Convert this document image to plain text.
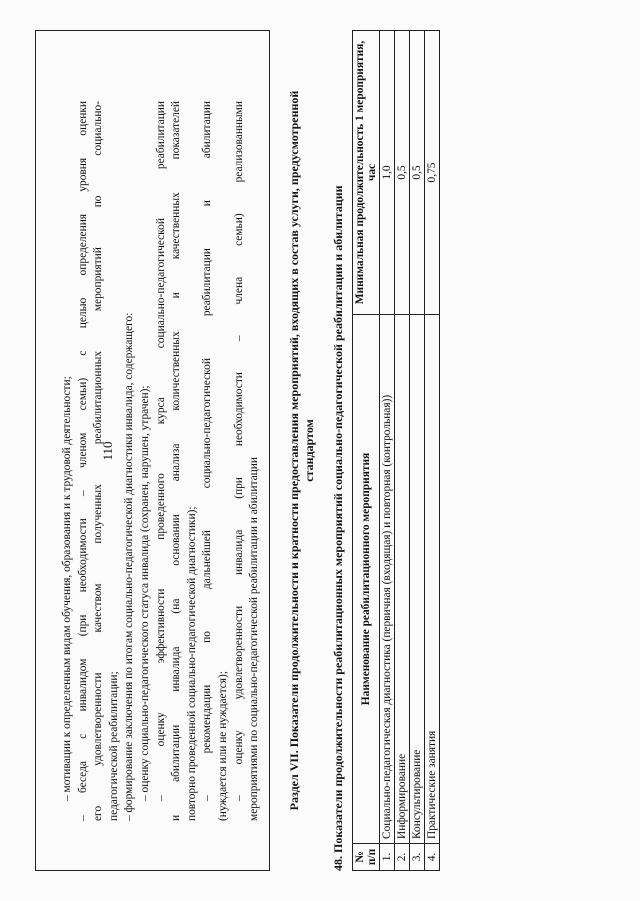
110
– мотивации к определенным видам обучения, образования и к трудовой деятельности; – беседа с инвалидом (при необходимости – членом семьи) с целью определения уровня оценки его удовлетворенности качеством полученных реабилитационных мероприятий по социально- педагогической реабилитации; – формирование заключения по итогам социально-педагогической диагностики инвалида, содержащего: – оценку социально-педагогического статуса инвалида (сохранен, нарушен, утрачен); – оценку эффективности проведенного курса социально-педагогической реабилитации и абилитации инвалида (на основании анализа количественных и качественных показателей повторно проведенной социально-педагогической диагностики); – рекомендации по дальнейшей социально-педагогической реабилитации и абилитации (нуждается или не нуждается); – оценку удовлетворенности инвалида (при необходимости – члена семьи) реализованными мероприятиями по социально-педагогической реабилитации и абилитации Раздел VII. Показатели продолжительности и кратности предоставления мероприятий, входящих в состав услуги, предусмотренной стандартом 48. Показатели продолжительности реабилитационных мероприятий социально-педагогической реабилитации и абилитации № п/п	Наименование реабилитационного мероприятия	Минимальная продолжительность 1 мероприятия, час
1.	Социально-педагогическая диагностика (первичная (входящая) и повторная (контрольная))	1,0
2.	Информирование	0,5
3.	Консультирование	0,5
4.	Практические занятия	0,75
